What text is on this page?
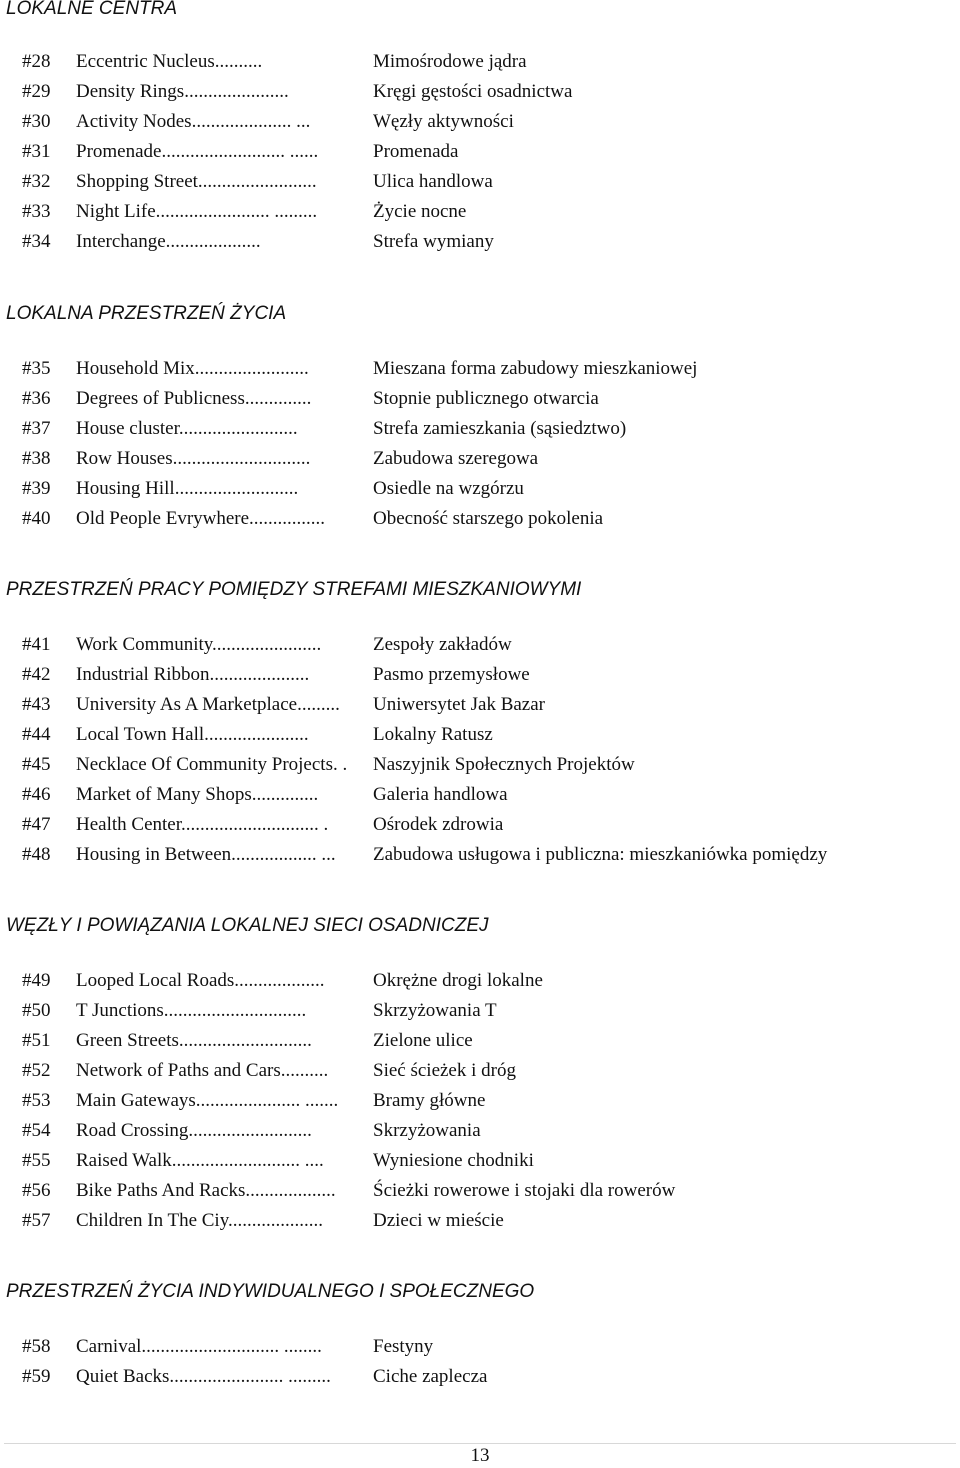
LOKALNE CENTRA
#28 Eccentric Nucleus..........	Mimośrodowe jądra
#29 Density Rings......................	Kręgi gęstości osadnictwa
#30 Activity Nodes..................... ...	Węzły aktywności
#31 Promenade.......................... ......	Promenada
#32 Shopping Street.........................	Ulica handlowa
#33 Night Life........................ .........	Życie nocne
#34 Interchange....................	Strefa wymiany
LOKALNA PRZESTRZEŃ ŻYCIA
#35 Household Mix........................	Mieszana forma zabudowy mieszkaniowej
#36 Degrees of Publicness..............	Stopnie publicznego otwarcia
#37 House cluster.........................	Strefa zamieszkania (sąsiedztwo)
#38 Row Houses.............................	Zabudowa szeregowa
#39 Housing Hill..........................	Osiedle na wzgórzu
#40 Old People Evrywhere................	Obecność starszego pokolenia
PRZESTRZEŃ PRACY POMIĘDZY STREFAMI MIESZKANIOWYMI
#41 Work Community.......................	Zespoły zakładów
#42 Industrial Ribbon.....................	Pasmo przemysłowe
#43 University As A Marketplace......... Uniwersytet Jak Bazar
#44 Local Town Hall......................	Lokalny Ratusz
#45 Necklace Of Community Projects. . Naszyjnik Społecznych Projektów
#46 Market of Many Shops..............	Galeria handlowa
#47 Health Center............................. . Ośrodek zdrowia
#48 Housing in Between.................. ... Zabudowa usługowa i publiczna: mieszkaniówka pomiędzy
WĘZŁY I POWIĄZANIA LOKALNEJ SIECI OSADNICZEJ
#49 Looped Local Roads...................	Okrężne drogi lokalne
#50 T Junctions..............................	Skrzyżowania T
#51 Green Streets............................	Zielone ulice
#52 Network of Paths and Cars.......... Sieć ścieżek i dróg
#53 Main Gateways...................... ....... Bramy główne
#54 Road Crossing..........................	Skrzyżowania
#55 Raised Walk........................... ....	Wyniesione chodniki
#56 Bike Paths And Racks................... Ścieżki rowerowe i stojaki dla rowerów
#57 Children In The Ciy....................	Dzieci w mieście
PRZESTRZEŃ ŻYCIA INDYWIDUALNEGO I SPOŁECZNEGO
#58 Carnival............................. ........	Festyny
#59 Quiet Backs........................ ......... Ciche zaplecza
13
